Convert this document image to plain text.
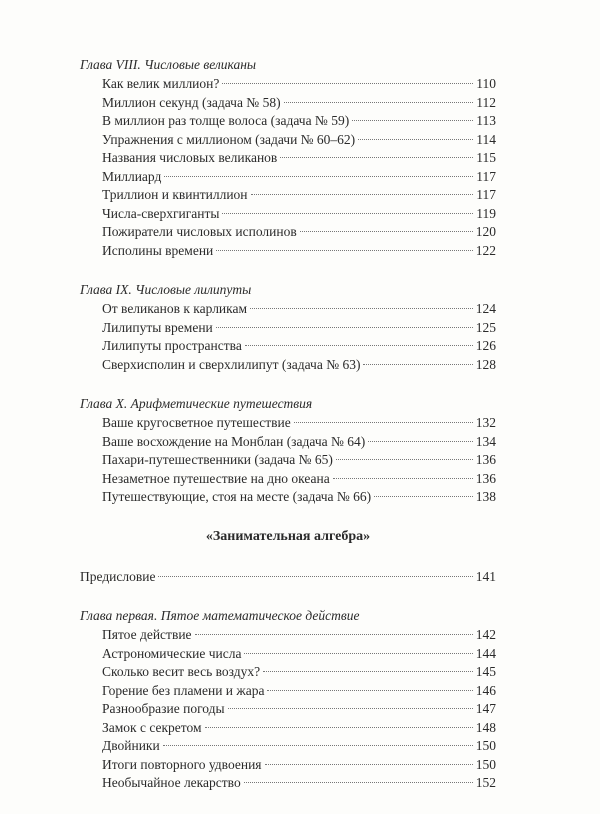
Глава VIII. Числовые великаны
Как велик миллион?	110
Миллион секунд (задача № 58)	112
В миллион раз толще волоса (задача № 59)	113
Упражнения с миллионом (задачи № 60–62)	114
Названия числовых великанов	115
Миллиард	117
Триллион и квинтиллион	117
Числа-сверхгиганты	119
Пожиратели числовых исполинов	120
Исполины времени	122
Глава IX. Числовые лилипуты
От великанов к карликам	124
Лилипуты времени	125
Лилипуты пространства	126
Сверхисполин и сверхлилипут (задача № 63)	128
Глава X. Арифметические путешествия
Ваше кругосветное путешествие	132
Ваше восхождение на Монблан (задача № 64)	134
Пахари-путешественники (задача № 65)	136
Незаметное путешествие на дно океана	136
Путешествующие, стоя на месте (задача № 66)	138
«Занимательная алгебра»
Предисловие	141
Глава первая. Пятое математическое действие
Пятое действие	142
Астрономические числа	144
Сколько весит весь воздух?	145
Горение без пламени и жара	146
Разнообразие погоды	147
Замок с секретом	148
Двойники	150
Итоги повторного удвоения	150
Необычайное лекарство	152
